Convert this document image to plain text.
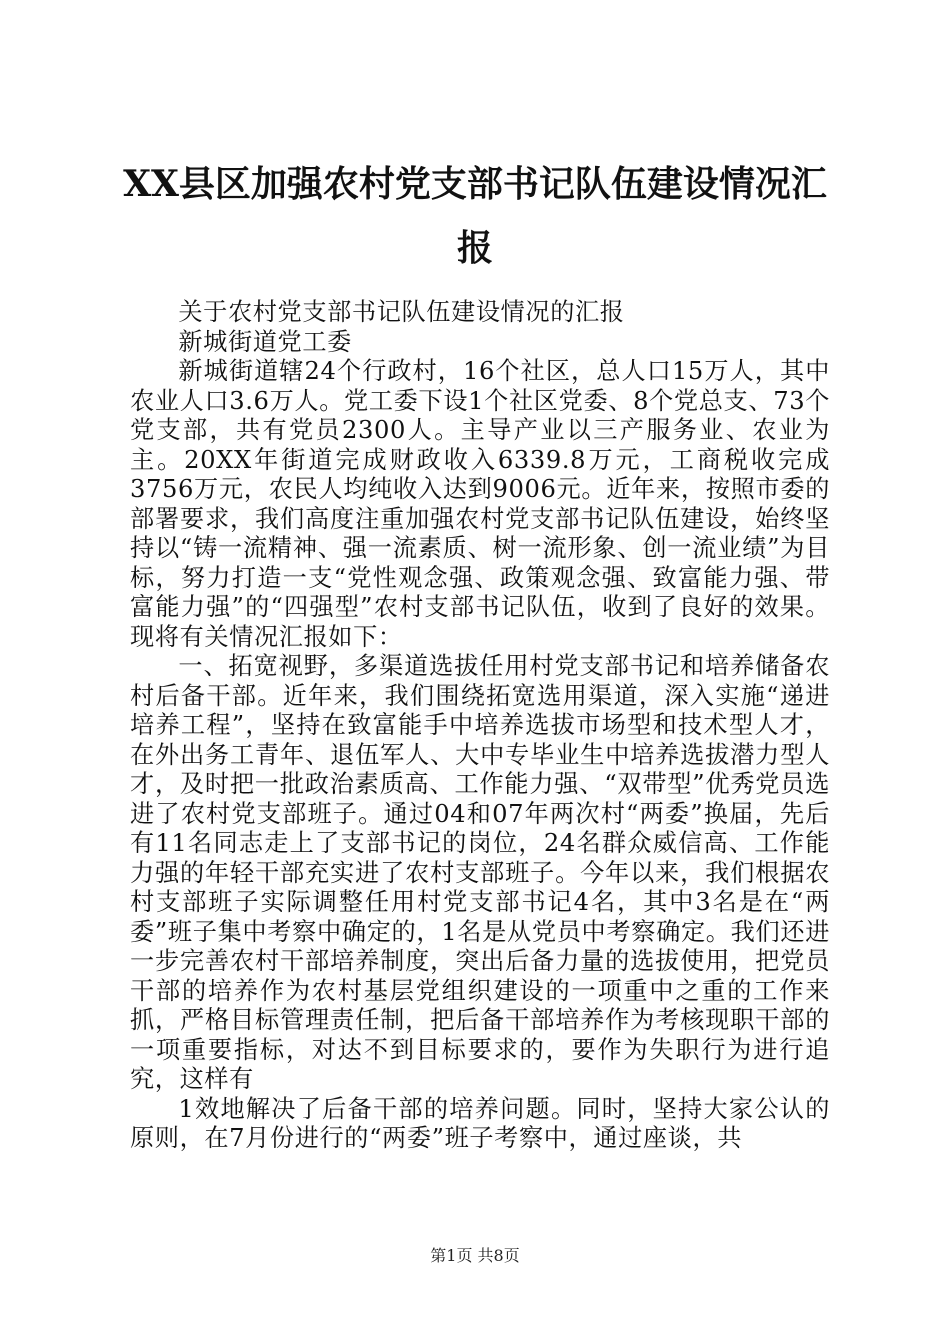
XX县区加强农村党支部书记队伍建设情况汇
报

关于农村党支部书记队伍建设情况的汇报

新城街道党工委

新城街道辖24个行政村，16个社区，总人口15万人，其中农业人口3.6万人。党工委下设1个社区党委、8个党总支、73个党支部，共有党员2300人。主导产业以三产服务业、农业为主。20XX年街道完成财政收入6339.8万元，工商税收完成3756万元，农民人均纯收入达到9006元。近年来，按照市委的部署要求，我们高度注重加强农村党支部书记队伍建设，始终坚持以“铸一流精神、强一流素质、树一流形象、创一流业绩”为目标，努力打造一支“党性观念强、政策观念强、致富能力强、带富能力强”的“四强型”农村支部书记队伍，收到了良好的效果。现将有关情况汇报如下：

一、拓宽视野，多渠道选拔任用村党支部书记和培养储备农村后备干部。近年来，我们围绕拓宽选用渠道，深入实施“递进培养工程”，坚持在致富能手中培养选拔市场型和技术型人才，在外出务工青年、退伍军人、大中专毕业生中培养选拔潜力型人才，及时把一批政治素质高、工作能力强、“双带型”优秀党员选进了农村党支部班子。通过04和07年两次村“两委”换届，先后有11名同志走上了支部书记的岗位，24名群众威信高、工作能力强的年轻干部充实进了农村支部班子。今年以来，我们根据农村支部班子实际调整任用村党支部书记4名，其中3名是在“两委”班子集中考察中确定的，1名是从党员中考察确定。我们还进一步完善农村干部培养制度，突出后备力量的选拔使用，把党员干部的培养作为农村基层党组织建设的一项重中之重的工作来抓，严格目标管理责任制，把后备干部培养作为考核现职干部的一项重要指标，对达不到目标要求的，要作为失职行为进行追究，这样有

1效地解决了后备干部的培养问题。同时，坚持大家公认的原则，在7月份进行的“两委”班子考察中，通过座谈，共

第1页 共8页
